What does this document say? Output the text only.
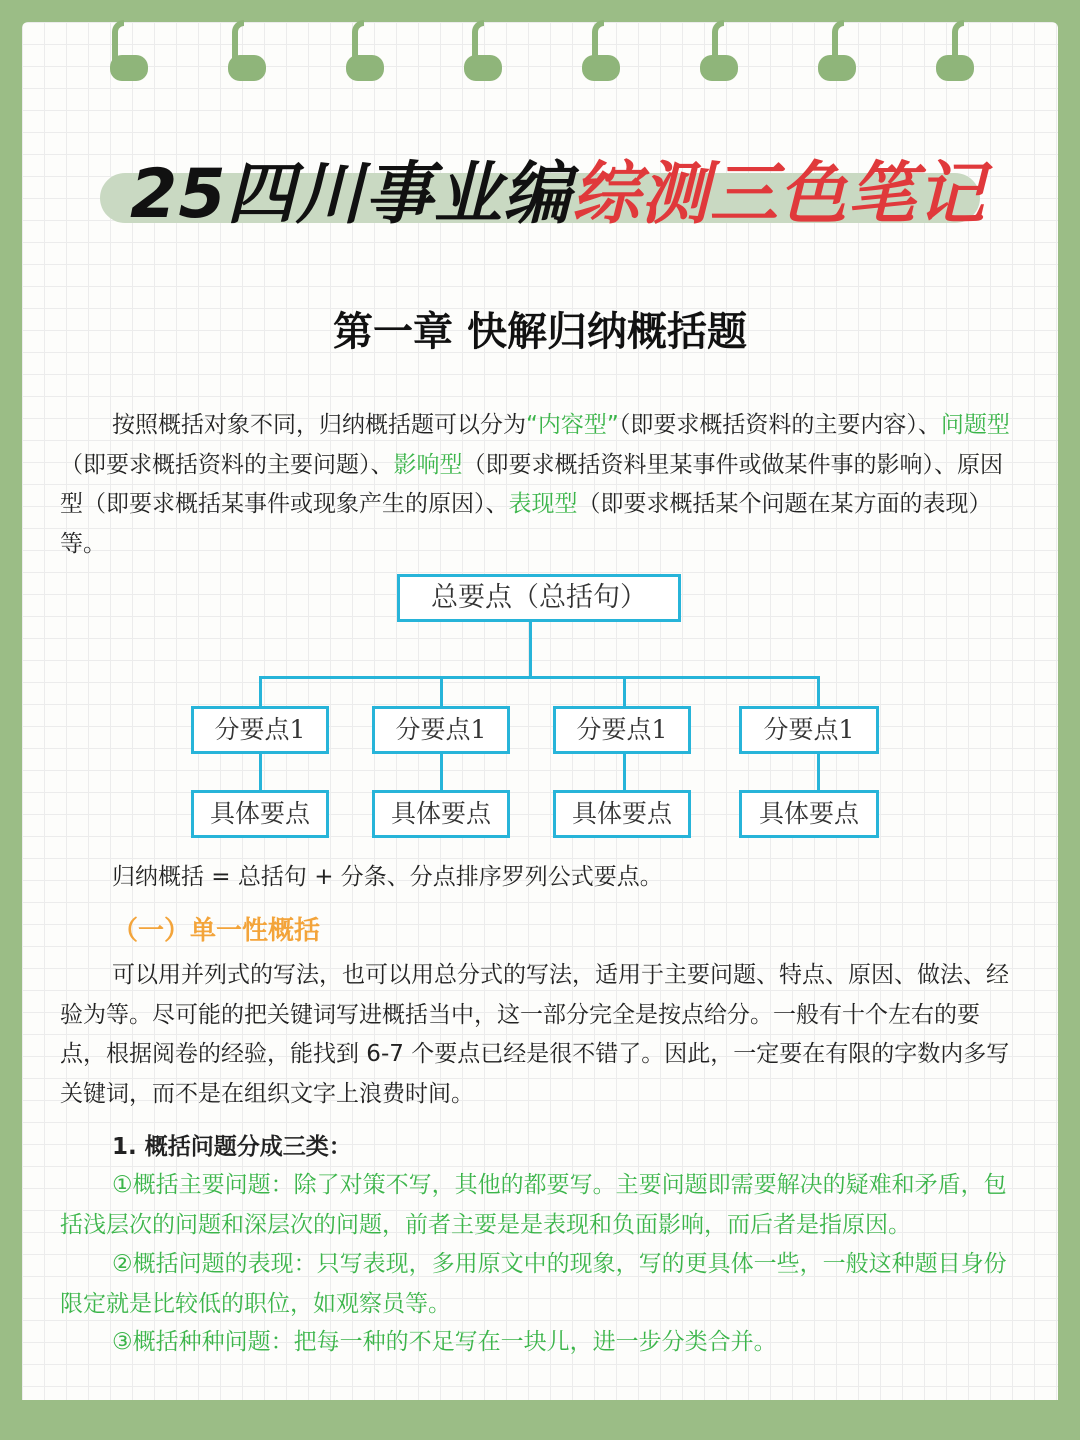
25四川事业编综测三色笔记
第一章 快解归纳概括题
按照概括对象不同，归纳概括题可以分为“内容型”（即要求概括资料的主要内容）、问题型（即要求概括资料的主要问题）、影响型（即要求概括资料里某事件或做某件事的影响）、原因型（即要求概括某事件或现象产生的原因）、表现型（即要求概括某个问题在某方面的表现）等。
总要点（总括句）
分要点1	分要点1	分要点1	分要点1
具体要点	具体要点	具体要点	具体要点
归纳概括 = 总括句 + 分条、分点排序罗列公式要点。
（一）单一性概括
可以用并列式的写法，也可以用总分式的写法，适用于主要问题、特点、原因、做法、经验为等。尽可能的把关键词写进概括当中，这一部分完全是按点给分。一般有十个左右的要点，根据阅卷的经验，能找到 6-7 个要点已经是很不错了。因此，一定要在有限的字数内多写关键词，而不是在组织文字上浪费时间。
1. 概括问题分成三类：
①概括主要问题：除了对策不写，其他的都要写。主要问题即需要解决的疑难和矛盾，包括浅层次的问题和深层次的问题，前者主要是是表现和负面影响，而后者是指原因。
②概括问题的表现：只写表现，多用原文中的现象，写的更具体一些，一般这种题目身份限定就是比较低的职位，如观察员等。
③概括种种问题：把每一种的不足写在一块儿，进一步分类合并。
